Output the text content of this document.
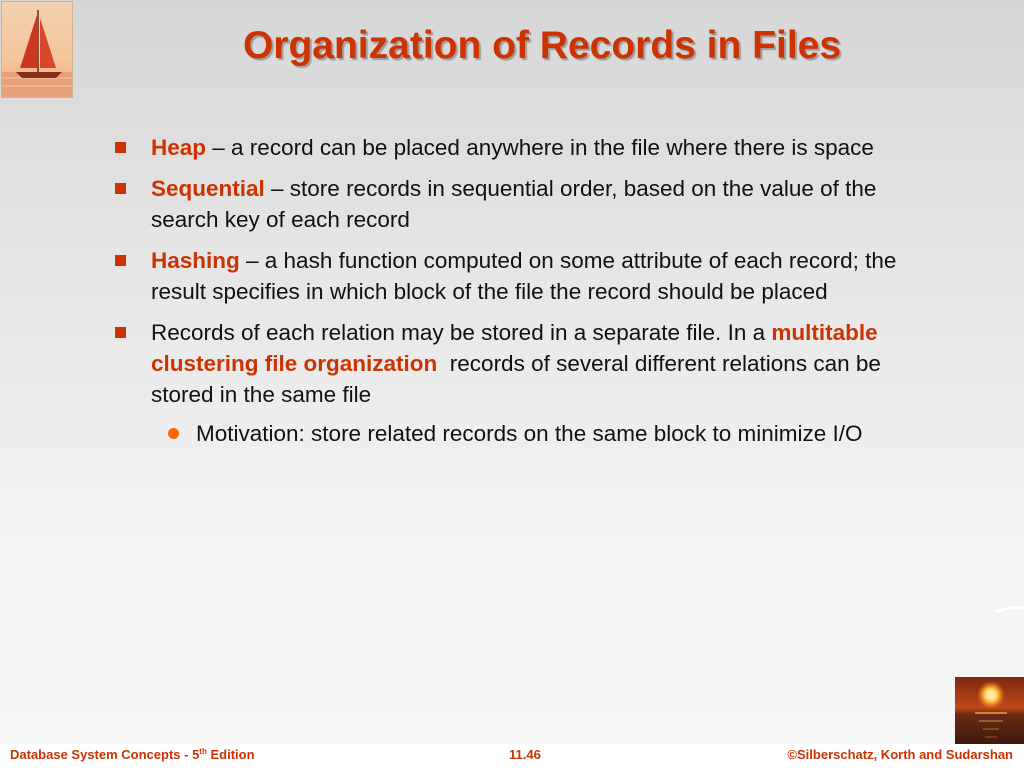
Organization of Records in Files
Heap – a record can be placed anywhere in the file where there is space
Sequential – store records in sequential order, based on the value of the search key of each record
Hashing – a hash function computed on some attribute of each record; the result specifies in which block of the file the record should be placed
Records of each relation may be stored in a separate file. In a multitable clustering file organization  records of several different relations can be stored in the same file
Motivation: store related records on the same block to minimize I/O
Database System Concepts - 5th Edition	11.46	©Silberschatz, Korth and Sudarshan
